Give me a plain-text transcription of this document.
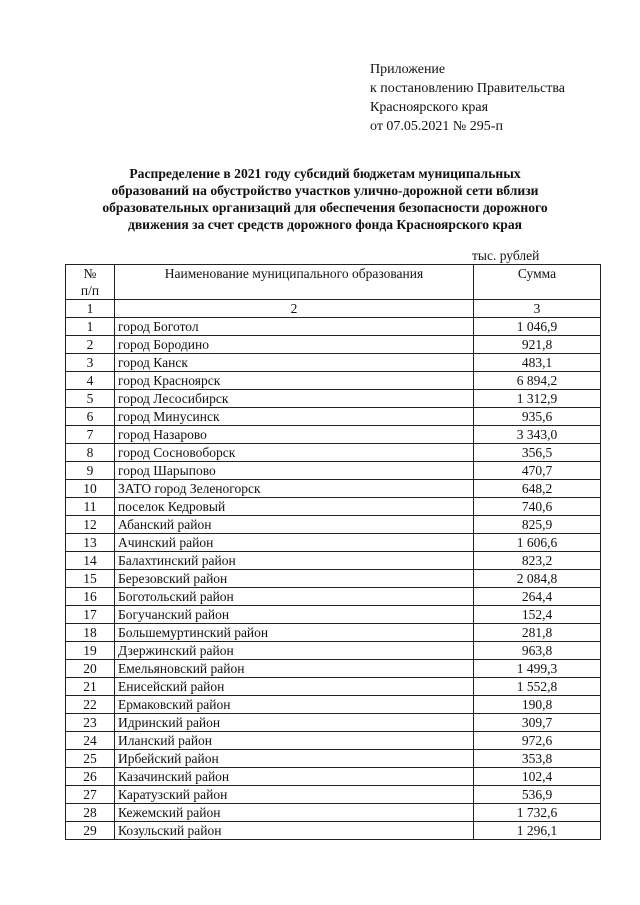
Приложение
к постановлению Правительства
Красноярского края
от 07.05.2021 № 295-п
Распределение в 2021 году субсидий бюджетам муниципальных
образований на обустройство участков улично-дорожной сети вблизи
образовательных организаций для обеспечения безопасности дорожного
движения за счет средств дорожного фонда Красноярского края
тыс. рублей
№
п/п	Наименование муниципального образования	Сумма
1	2	3
1	город Боготол	1 046,9
2	город Бородино	921,8
3	город Канск	483,1
4	город Красноярск	6 894,2
5	город Лесосибирск	1 312,9
6	город Минусинск	935,6
7	город Назарово	3 343,0
8	город Сосновоборск	356,5
9	город Шарыпово	470,7
10	ЗАТО город Зеленогорск	648,2
11	поселок Кедровый	740,6
12	Абанский район	825,9
13	Ачинский район	1 606,6
14	Балахтинский район	823,2
15	Березовский район	2 084,8
16	Боготольский район	264,4
17	Богучанский район	152,4
18	Большемуртинский район	281,8
19	Дзержинский район	963,8
20	Емельяновский район	1 499,3
21	Енисейский район	1 552,8
22	Ермаковский район	190,8
23	Идринский район	309,7
24	Иланский район	972,6
25	Ирбейский район	353,8
26	Казачинский район	102,4
27	Каратузский район	536,9
28	Кежемский район	1 732,6
29	Козульский район	1 296,1
